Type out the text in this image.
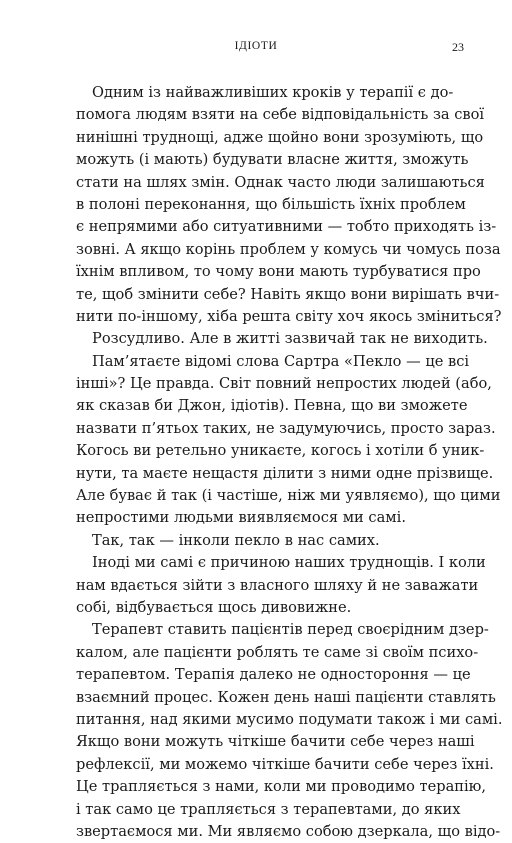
ІДІОТИ	23
Одним із найважливіших кроків у терапії є до-
помога людям взяти на себе відповідальність за свої
нинішні труднощі, адже щойно вони зрозуміють, що
можуть (і мають) будувати власне життя, зможуть
стати на шлях змін. Однак часто люди залишаються
в полоні переконання, що більшість їхніх проблем
є непрямими або ситуативними — тобто приходять із-
зовні. А якщо корінь проблем у комусь чи чомусь поза
їхнім впливом, то чому вони мають турбуватися про
те, щоб змінити себе? Навіть якщо вони вирішать вчи-
нити по-іншому, хіба решта світу хоч якось зміниться?
Розсудливо. Але в житті зазвичай так не виходить.
Пам’ятаєте відомі слова Сартра «Пекло — це всі
інші»? Це правда. Світ повний непростих людей (або,
як сказав би Джон, ідіотів). Певна, що ви зможете
назвати п’ятьох таких, не задумуючись, просто зараз.
Когось ви ретельно уникаєте, когось і хотіли б уник-
нути, та маєте нещастя ділити з ними одне прізвище.
Але буває й так (і частіше, ніж ми уявляємо), що цими
непростими людьми виявляємося ми самі.
Так, так — інколи пекло в нас самих.
Іноді ми самі є причиною наших труднощів. І коли
нам вдається зійти з власного шляху й не заважати
собі, відбувається щось дивовижне.
Терапевт ставить пацієнтів перед своєрідним дзер-
калом, але пацієнти роблять те саме зі своїм психо-
терапевтом. Терапія далеко не одностороння — це
взаємний процес. Кожен день наші пацієнти ставлять
питання, над якими мусимо подумати також і ми самі.
Якщо вони можуть чіткіше бачити себе через наші
рефлексії, ми можемо чіткіше бачити себе через їхні.
Це трапляється з нами, коли ми проводимо терапію,
і так само це трапляється з терапевтами, до яких
звертаємося ми. Ми являємо собою дзеркала, що відо-
